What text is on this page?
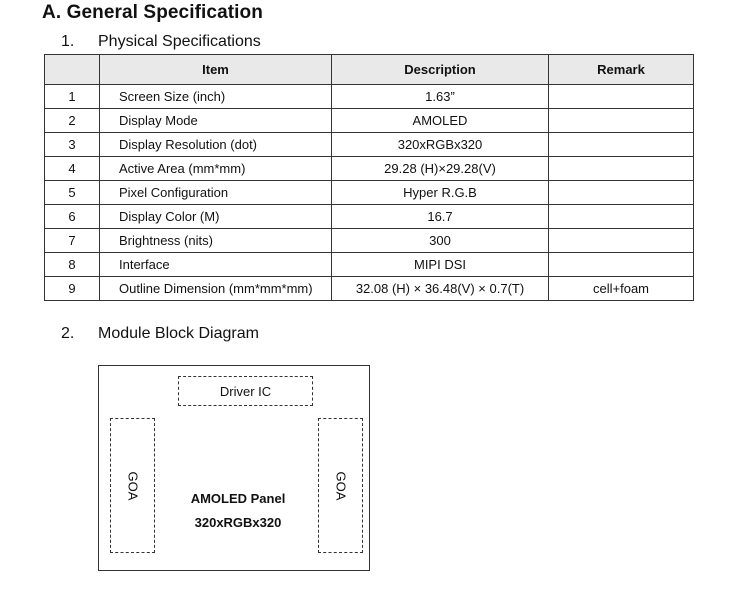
A. General Specification
1. Physical Specifications
	Item	Description	Remark
1	Screen Size (inch)	1.63”	
2	Display Mode	AMOLED	
3	Display Resolution (dot)	320xRGBx320	
4	Active Area (mm*mm)	29.28 (H)×29.28(V)	
5	Pixel Configuration	Hyper R.G.B	
6	Display Color (M)	16.7	
7	Brightness (nits)	300	
8	Interface	MIPI DSI	
9	Outline Dimension (mm*mm*mm)	32.08 (H) × 36.48(V) × 0.7(T)	cell+foam
2. Module Block Diagram
Driver IC
GOA	GOA
AMOLED Panel
320xRGBx320
